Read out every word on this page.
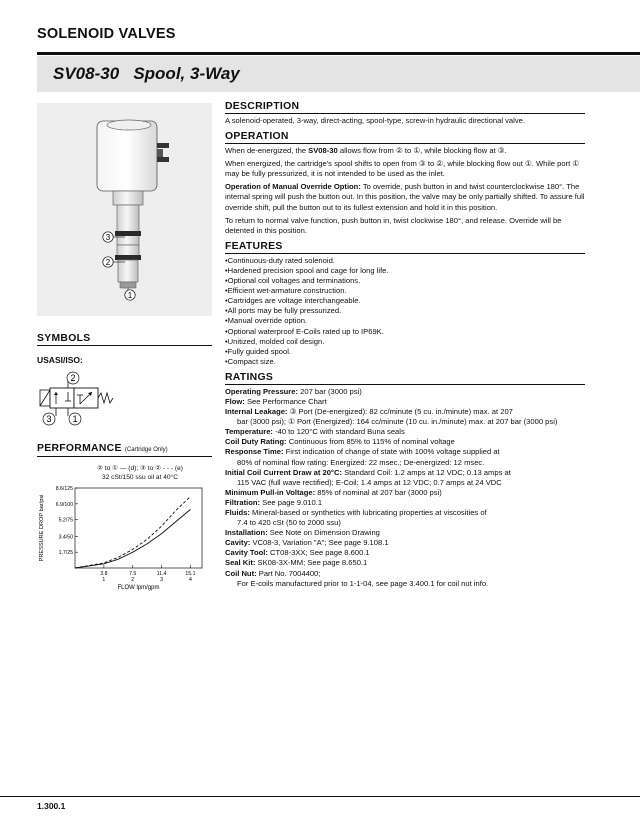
SOLENOID VALVES
SV08-30   Spool, 3-Way
3
2
1
SYMBOLS
USASI/ISO:
2
3 1
PERFORMANCE (Cartridge Only)
② to ① — (d); ③ to ② - - - (e)
32 cSt/150 ssu oil at 40°C
8.6/125
6.9/100
5.2/75
3.4/50
1.7/25
3.8
1
7.5
2
11.4
3
15.1
4
FLOW lpm/gpm
PRESSURE DROP bar/psi
DESCRIPTION
A solenoid-operated, 3-way, direct-acting, spool-type, screw-in hydraulic directional valve.
OPERATION
When de-energized, the SV08-30 allows flow from ② to ①, while blocking flow at ③.
When energized, the cartridge's spool shifts to open from ③ to ②, while blocking flow out ①. While port ① may be fully pressurized, it is not intended to be used as the inlet.
Operation of Manual Override Option: To override, push button in and twist counterclockwise 180°. The internal spring will push the button out. In this position, the valve may be only partially shifted. To assure full override shift, pull the button out to its fullest extension and hold it in this position.
To return to normal valve function, push button in, twist clockwise 180°, and release. Override will be detented in this position.
FEATURES
• Continuous-duty rated solenoid.
• Hardened precision spool and cage for long life.
• Optional coil voltages and terminations.
• Efficient wet-armature construction.
• Cartridges are voltage interchangeable.
• All ports may be fully pressurized.
• Manual override option.
• Optional waterproof E-Coils rated up to IP69K.
• Unitized, molded coil design.
• Fully guided spool.
• Compact size.
RATINGS
Operating Pressure: 207 bar (3000 psi)
Flow: See Performance Chart
Internal Leakage: ③ Port (De-energized): 82 cc/minute (5 cu. in./minute) max. at 207
bar (3000 psi); ① Port (Energized): 164 cc/minute (10 cu. in./minute) max. at 207 bar (3000 psi)
Temperature: -40 to 120°C with standard Buna seals
Coil Duty Rating: Continuous from 85% to 115% of nominal voltage
Response Time: First indication of change of state with 100% voltage supplied at
80% of nominal flow rating: Energized: 22 msec.; De-energized: 12 msec.
Initial Coil Current Draw at 20°C: Standard Coil: 1.2 amps at 12 VDC; 0.13 amps at
115 VAC (full wave rectified); E-Coil: 1.4 amps at 12 VDC; 0.7 amps at 24 VDC
Minimum Pull-in Voltage: 85% of nominal at 207 bar (3000 psi)
Filtration: See page 9.010.1
Fluids: Mineral-based or synthetics with lubricating properties at viscosities of
7.4 to 420 cSt (50 to 2000 ssu)
Installation: See Note on Dimension Drawing
Cavity: VC08-3, Variation "A"; See page 9.108.1
Cavity Tool: CT08-3XX; See page 8.600.1
Seal Kit: SK08-3X-MM; See page 8.650.1
Coil Nut: Part No. 7004400;
For E-coils manufactured prior to 1-1-04, see page 3.400.1 for coil nut info.
1.300.1
